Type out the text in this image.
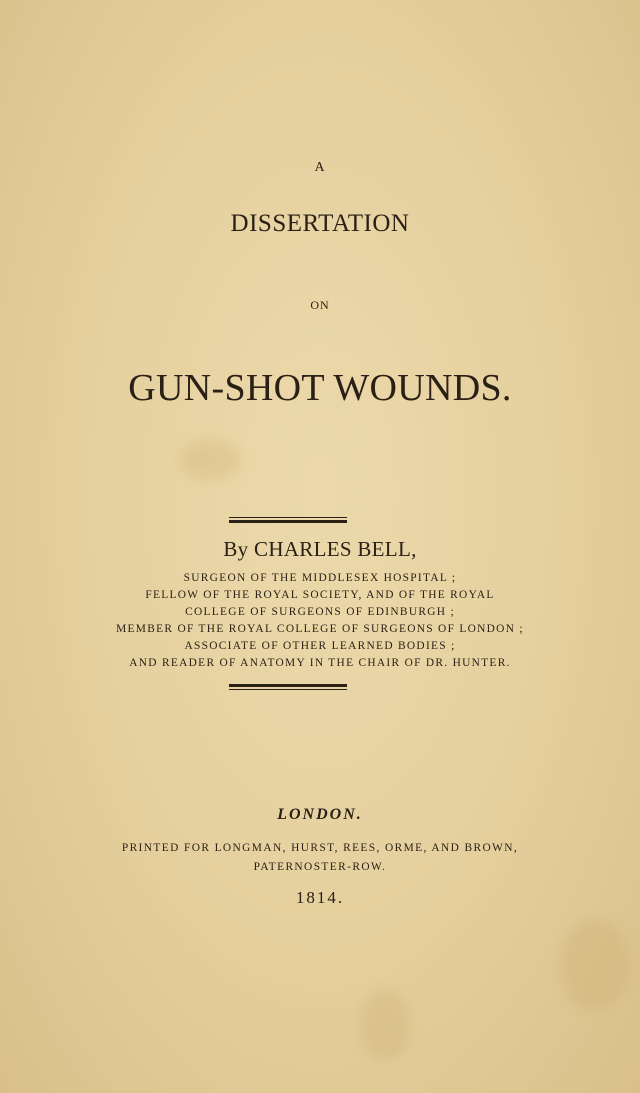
A
DISSERTATION
ON
GUN-SHOT WOUNDS.
By CHARLES BELL,
SURGEON OF THE MIDDLESEX HOSPITAL ;
FELLOW OF THE ROYAL SOCIETY, AND OF THE ROYAL
COLLEGE OF SURGEONS OF EDINBURGH ;
MEMBER OF THE ROYAL COLLEGE OF SURGEONS OF LONDON ;
ASSOCIATE OF OTHER LEARNED BODIES ;
AND READER OF ANATOMY IN THE CHAIR OF DR. HUNTER.
LONDON.
PRINTED FOR LONGMAN, HURST, REES, ORME, AND BROWN,
PATERNOSTER-ROW.
1814.
